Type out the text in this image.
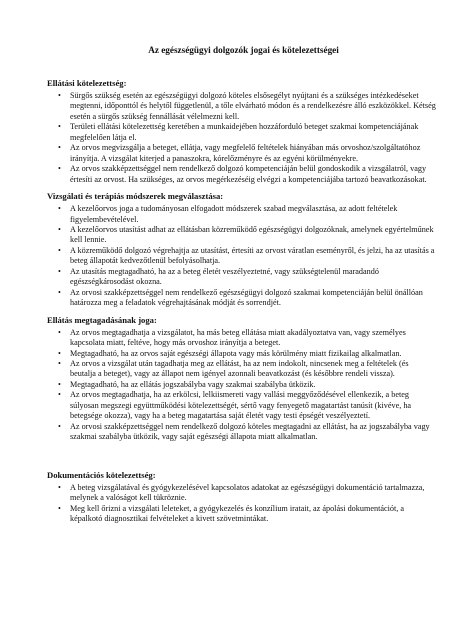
Az egészségügyi dolgozók jogai és kötelezettségei
Ellátási kötelezettség:
• Sürgős szükség esetén az egészségügyi dolgozó köteles elsősegélyt nyújtani és a szükséges intézkedéseket megtenni, időponttól és helytől függetlenül, a tőle elvárható módon és a rendelkezésre álló eszközökkel. Kétség esetén a sürgős szükség fennállását vélelmezni kell.
• Területi ellátási kötelezettség keretében a munkaidejében hozzáforduló beteget szakmai kompetenciájának megfelelően látja el.
• Az orvos megvizsgálja a beteget, ellátja, vagy megfelelő feltételek hiányában más orvoshoz/szolgáltatóhoz irányítja. A vizsgálat kiterjed a panaszokra, kórelőzményre és az egyéni körülményekre.
• Az orvos szakképzettséggel nem rendelkező dolgozó kompetenciáján belül gondoskodik a vizsgálatról, vagy értesíti az orvost. Ha szükséges, az orvos megérkezéséig elvégzi a kompetenciájába tartozó beavatkozásokat.
Vizsgálati és terápiás módszerek megválasztása:
• A kezelőorvos joga a tudományosan elfogadott módszerek szabad megválasztása, az adott feltételek figyelembevételével.
• A kezelőorvos utasítást adhat az ellátásban közreműködő egészségügyi dolgozóknak, amelynek egyértelműnek kell lennie.
• A közreműködő dolgozó végrehajtja az utasítást, értesíti az orvost váratlan eseményről, és jelzi, ha az utasítás a beteg állapotát kedvezőtlenül befolyásolhatja.
• Az utasítás megtagadható, ha az a beteg életét veszélyeztetné, vagy szükségtelenül maradandó egészségkárosodást okozna.
• Az orvosi szakképzettséggel nem rendelkező egészségügyi dolgozó szakmai kompetenciáján belül önállóan határozza meg a feladatok végrehajtásának módját és sorrendjét.
Ellátás megtagadásának joga:
• Az orvos megtagadhatja a vizsgálatot, ha más beteg ellátása miatt akadályoztatva van, vagy személyes kapcsolata miatt, feltéve, hogy más orvoshoz irányítja a beteget.
• Megtagadható, ha az orvos saját egészségi állapota vagy más körülmény miatt fizikailag alkalmatlan.
• Az orvos a vizsgálat után tagadhatja meg az ellátást, ha az nem indokolt, nincsenek meg a feltételek (és beutalja a beteget), vagy az állapot nem igényel azonnali beavatkozást (és későbbre rendeli vissza).
• Megtagadható, ha az ellátás jogszabályba vagy szakmai szabályba ütközik.
• Az orvos megtagadhatja, ha az erkölcsi, lelkiismereti vagy vallási meggyőződésével ellenkezik, a beteg súlyosan megszegi együttműködési kötelezettségét, sértő vagy fenyegető magatartást tanúsít (kivéve, ha betegsége okozza), vagy ha a beteg magatartása saját életét vagy testi épségét veszélyeztetí.
• Az orvosi szakképzettséggel nem rendelkező dolgozó köteles megtagadni az ellátást, ha az jogszabályba vagy szakmai szabályba ütközik, vagy saját egészségi állapota miatt alkalmatlan.
Dokumentációs kötelezettség:
• A beteg vizsgálatával és gyógykezelésével kapcsolatos adatokat az egészségügyi dokumentáció tartalmazza, melynek a valóságot kell tükröznie.
• Meg kell őrizni a vizsgálati leleteket, a gyógykezelés és konzílium iratait, az ápolási dokumentációt, a képalkotó diagnosztikai felvételeket a kivett szövetmintákat.
